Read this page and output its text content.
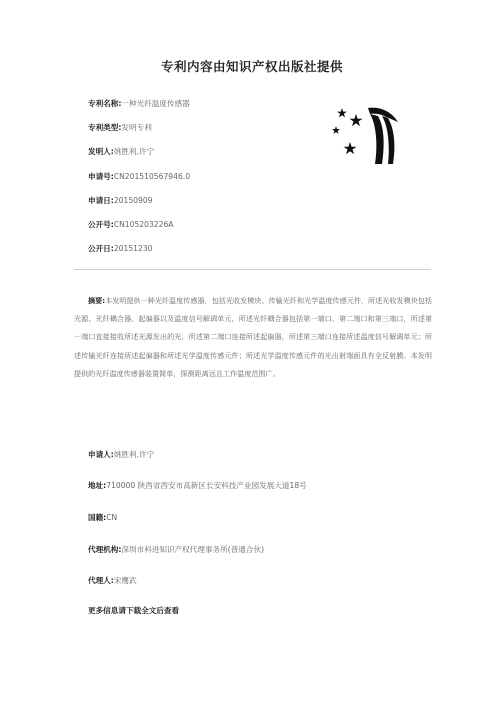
专利内容由知识产权出版社提供
专利名称:一种光纤温度传感器
专利类型:发明专利
发明人:姚胜利,许宁
申请号:CN201510567946.0
申请日:20150909
公开号:CN105203226A
公开日:20151230
摘要:本发明提供一种光纤温度传感器，包括光收发模块、传输光纤和光学温度传感元件，所述光收发模块包括光源、光纤耦合器、起偏器以及温度信号解调单元，所述光纤耦合器包括第一端口、第二端口和第三端口，所述第一端口直接接收所述光源发出的光，所述第二端口连接所述起偏器，所述第三端口连接所述温度信号解调单元；所述传输光纤连接所述起偏器和所述光学温度传感元件；所述光学温度传感元件的光出射端面具有全反射膜。本发明提供的光纤温度传感器装置简单，探测距离远且工作温度范围广。
申请人:姚胜利,许宁
地址:710000 陕西省西安市高新区长安科技产业园发展大道18号
国籍:CN
代理机构:深圳市科进知识产权代理事务所(普通合伙)
代理人:宋鹰武
更多信息请下载全文后查看
